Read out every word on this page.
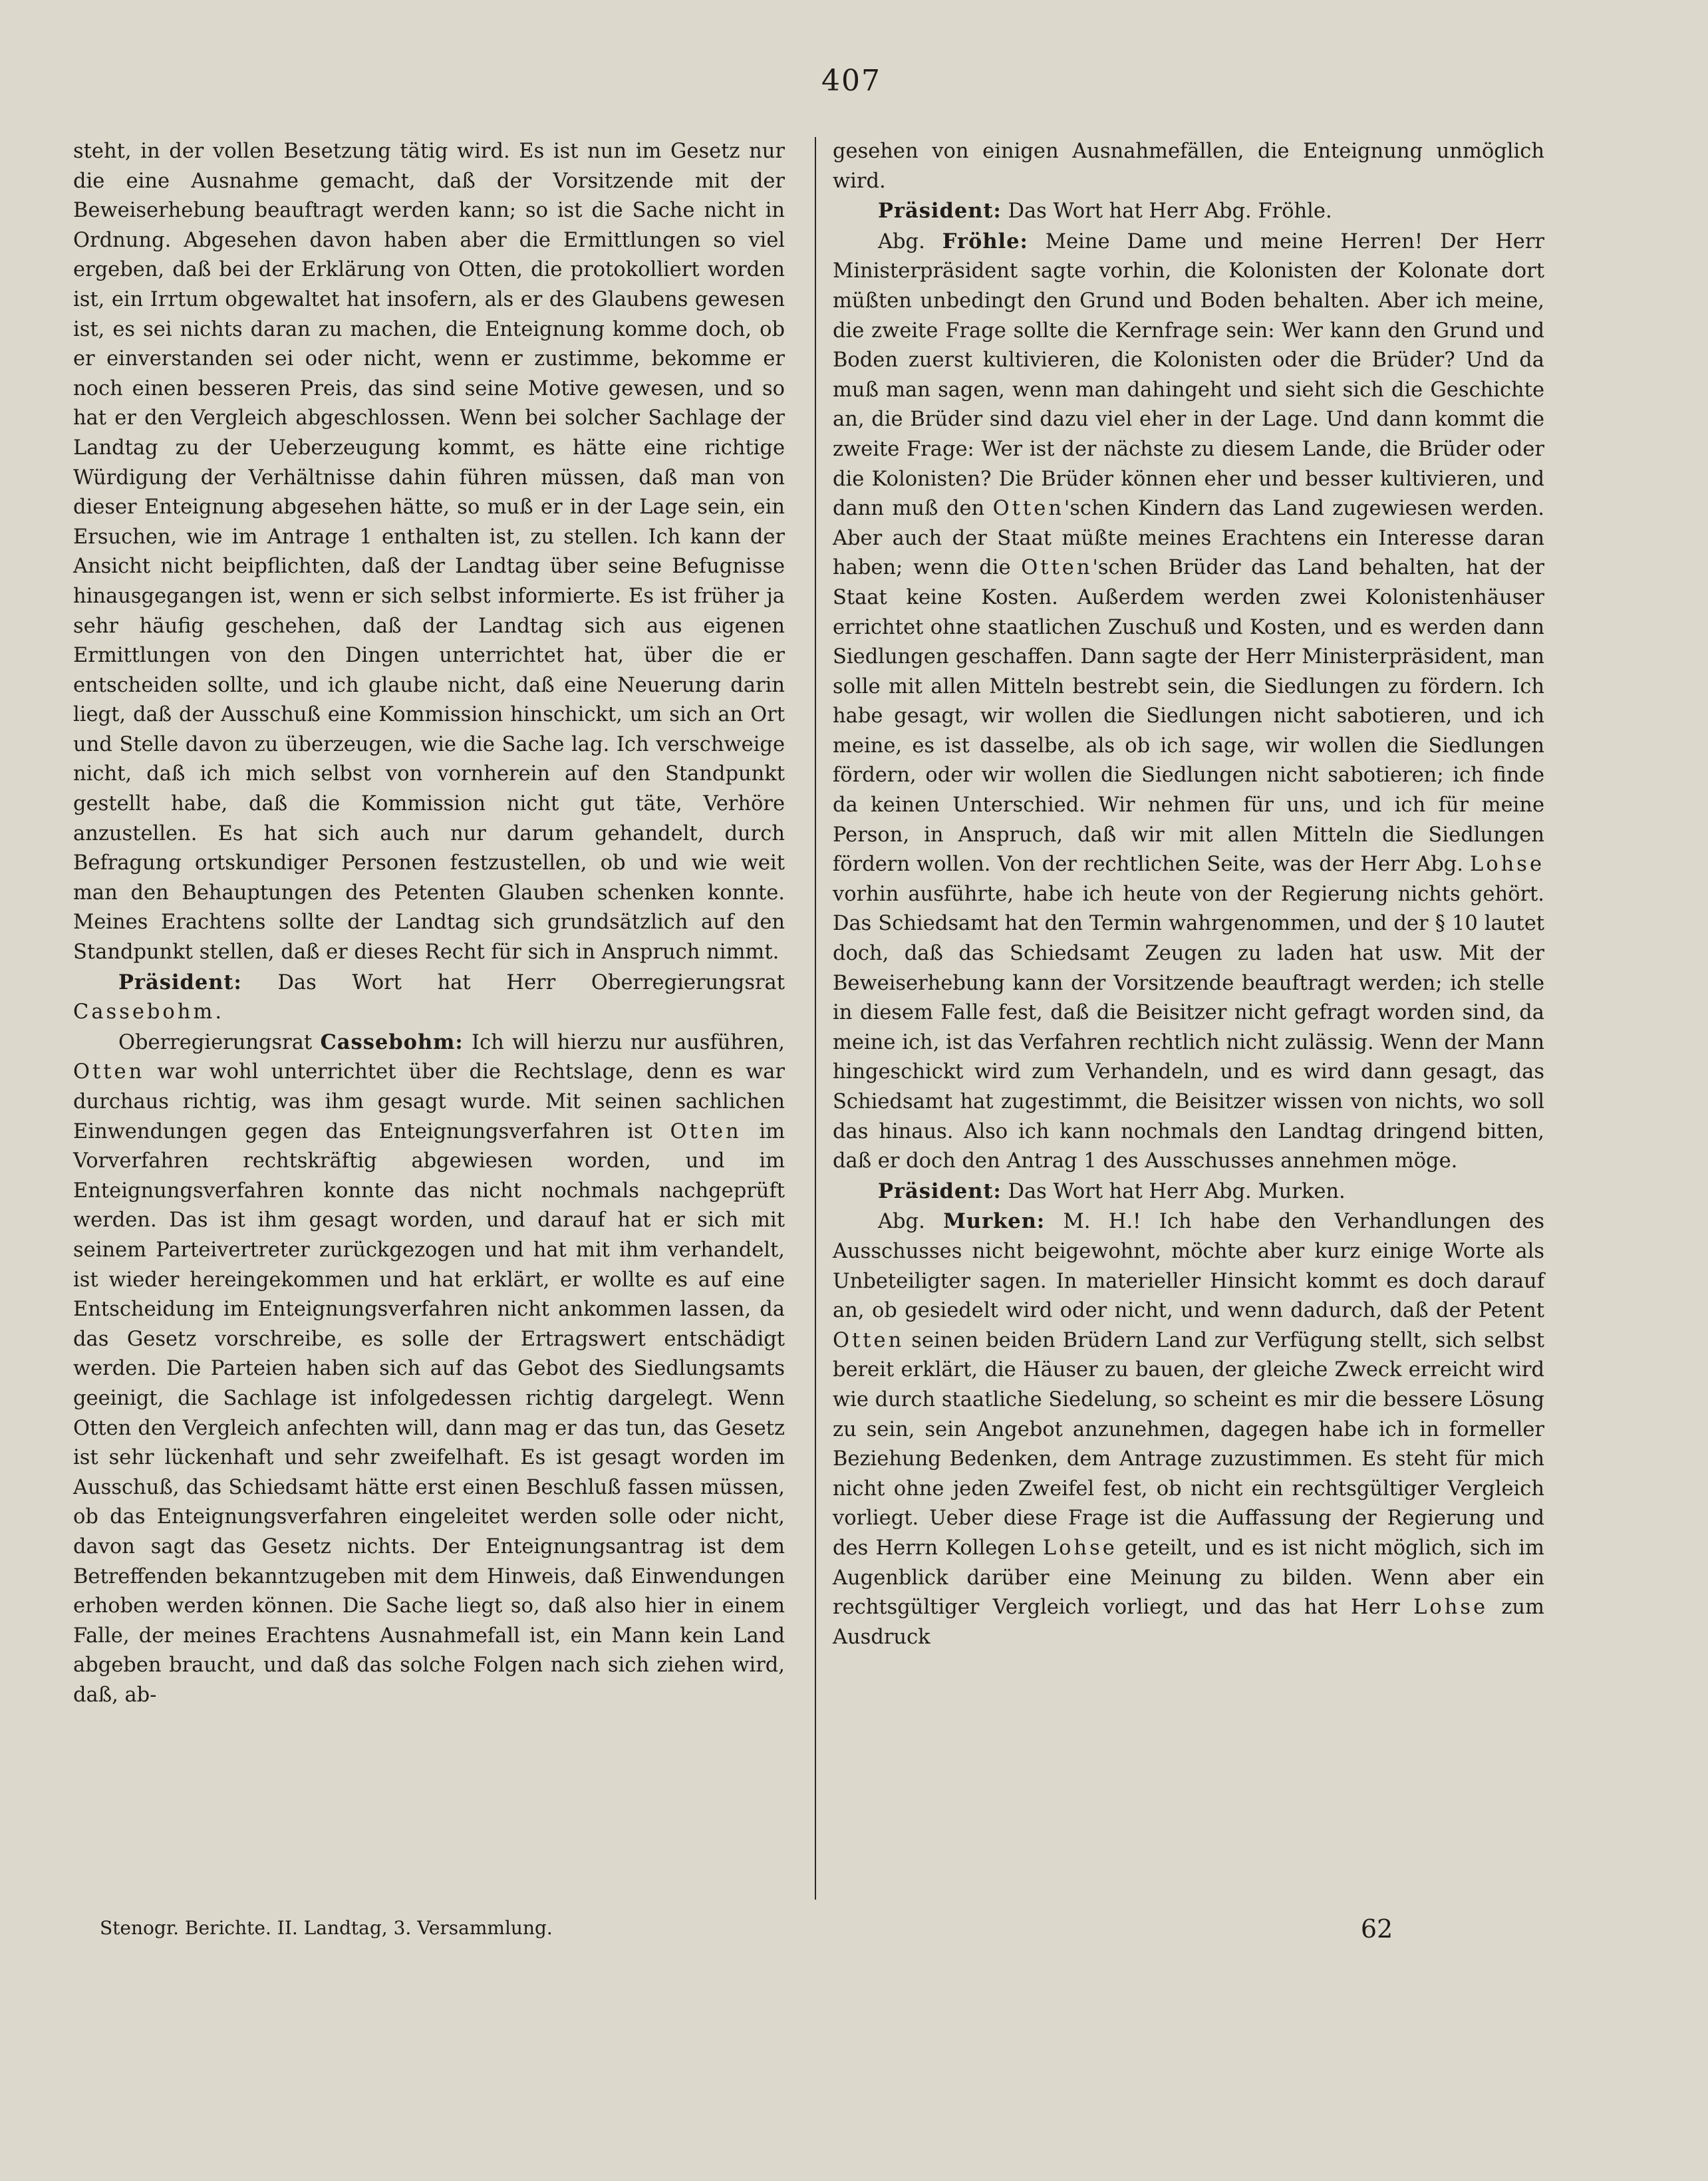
407

steht, in der vollen Besetzung tätig wird. Es ist nun im Gesetz nur die eine Ausnahme gemacht, daß der Vorsitzende mit der Beweiserhebung beauftragt werden kann; so ist die Sache nicht in Ordnung. Abgesehen davon haben aber die Ermittlungen so viel ergeben, daß bei der Erklärung von Otten, die protokolliert worden ist, ein Irrtum obgewaltet hat insofern, als er des Glaubens gewesen ist, es sei nichts daran zu machen, die Enteignung komme doch, ob er einverstanden sei oder nicht, wenn er zustimme, bekomme er noch einen besseren Preis, das sind seine Motive gewesen, und so hat er den Vergleich abgeschlossen. Wenn bei solcher Sachlage der Landtag zu der Ueberzeugung kommt, es hätte eine richtige Würdigung der Verhältnisse dahin führen müssen, daß man von dieser Enteignung abgesehen hätte, so muß er in der Lage sein, ein Ersuchen, wie im Antrage 1 enthalten ist, zu stellen. Ich kann der Ansicht nicht beipflichten, daß der Landtag über seine Befugnisse hinausgegangen ist, wenn er sich selbst informierte. Es ist früher ja sehr häufig geschehen, daß der Landtag sich aus eigenen Ermittlungen von den Dingen unterrichtet hat, über die er entscheiden sollte, und ich glaube nicht, daß eine Neuerung darin liegt, daß der Ausschuß eine Kommission hinschickt, um sich an Ort und Stelle davon zu überzeugen, wie die Sache lag. Ich verschweige nicht, daß ich mich selbst von vornherein auf den Standpunkt gestellt habe, daß die Kommission nicht gut täte, Verhöre anzustellen. Es hat sich auch nur darum gehandelt, durch Befragung ortskundiger Personen festzustellen, ob und wie weit man den Behauptungen des Petenten Glauben schenken konnte. Meines Erachtens sollte der Landtag sich grundsätzlich auf den Standpunkt stellen, daß er dieses Recht für sich in Anspruch nimmt.

Präsident: Das Wort hat Herr Oberregierungsrat Cassebohm.

Oberregierungsrat Cassebohm: Ich will hierzu nur ausführen, Otten war wohl unterrichtet über die Rechtslage, denn es war durchaus richtig, was ihm gesagt wurde. Mit seinen sachlichen Einwendungen gegen das Enteignungsverfahren ist Otten im Vorverfahren rechtskräftig abgewiesen worden, und im Enteignungsverfahren konnte das nicht nochmals nachgeprüft werden. Das ist ihm gesagt worden, und darauf hat er sich mit seinem Parteivertreter zurückgezogen und hat mit ihm verhandelt, ist wieder hereingekommen und hat erklärt, er wollte es auf eine Entscheidung im Enteignungsverfahren nicht ankommen lassen, da das Gesetz vorschreibe, es solle der Ertragswert entschädigt werden. Die Parteien haben sich auf das Gebot des Siedlungsamts geeinigt, die Sachlage ist infolgedessen richtig dargelegt. Wenn Otten den Vergleich anfechten will, dann mag er das tun, das Gesetz ist sehr lückenhaft und sehr zweifelhaft. Es ist gesagt worden im Ausschuß, das Schiedsamt hätte erst einen Beschluß fassen müssen, ob das Enteignungsverfahren eingeleitet werden solle oder nicht, davon sagt das Gesetz nichts. Der Enteignungsantrag ist dem Betreffenden bekanntzugeben mit dem Hinweis, daß Einwendungen erhoben werden können. Die Sache liegt so, daß also hier in einem Falle, der meines Erachtens Ausnahmefall ist, ein Mann kein Land abgeben braucht, und daß das solche Folgen nach sich ziehen wird, daß, ab-

gesehen von einigen Ausnahmefällen, die Enteignung unmöglich wird.

Präsident: Das Wort hat Herr Abg. Fröhle.

Abg. Fröhle: Meine Dame und meine Herren! Der Herr Ministerpräsident sagte vorhin, die Kolonisten der Kolonate dort müßten unbedingt den Grund und Boden behalten. Aber ich meine, die zweite Frage sollte die Kernfrage sein: Wer kann den Grund und Boden zuerst kultivieren, die Kolonisten oder die Brüder? Und da muß man sagen, wenn man dahingeht und sieht sich die Geschichte an, die Brüder sind dazu viel eher in der Lage. Und dann kommt die zweite Frage: Wer ist der nächste zu diesem Lande, die Brüder oder die Kolonisten? Die Brüder können eher und besser kultivieren, und dann muß den Otten'schen Kindern das Land zugewiesen werden. Aber auch der Staat müßte meines Erachtens ein Interesse daran haben; wenn die Otten'schen Brüder das Land behalten, hat der Staat keine Kosten. Außerdem werden zwei Kolonistenhäuser errichtet ohne staatlichen Zuschuß und Kosten, und es werden dann Siedlungen geschaffen. Dann sagte der Herr Ministerpräsident, man solle mit allen Mitteln bestrebt sein, die Siedlungen zu fördern. Ich habe gesagt, wir wollen die Siedlungen nicht sabotieren, und ich meine, es ist dasselbe, als ob ich sage, wir wollen die Siedlungen fördern, oder wir wollen die Siedlungen nicht sabotieren; ich finde da keinen Unterschied. Wir nehmen für uns, und ich für meine Person, in Anspruch, daß wir mit allen Mitteln die Siedlungen fördern wollen. Von der rechtlichen Seite, was der Herr Abg. Lohse vorhin ausführte, habe ich heute von der Regierung nichts gehört. Das Schiedsamt hat den Termin wahrgenommen, und der § 10 lautet doch, daß das Schiedsamt Zeugen zu laden hat usw. Mit der Beweiserhebung kann der Vorsitzende beauftragt werden; ich stelle in diesem Falle fest, daß die Beisitzer nicht gefragt worden sind, da meine ich, ist das Verfahren rechtlich nicht zulässig. Wenn der Mann hingeschickt wird zum Verhandeln, und es wird dann gesagt, das Schiedsamt hat zugestimmt, die Beisitzer wissen von nichts, wo soll das hinaus. Also ich kann nochmals den Landtag dringend bitten, daß er doch den Antrag 1 des Ausschusses annehmen möge.

Präsident: Das Wort hat Herr Abg. Murken.

Abg. Murken: M. H.! Ich habe den Verhandlungen des Ausschusses nicht beigewohnt, möchte aber kurz einige Worte als Unbeteiligter sagen. In materieller Hinsicht kommt es doch darauf an, ob gesiedelt wird oder nicht, und wenn dadurch, daß der Petent Otten seinen beiden Brüdern Land zur Verfügung stellt, sich selbst bereit erklärt, die Häuser zu bauen, der gleiche Zweck erreicht wird wie durch staatliche Siedelung, so scheint es mir die bessere Lösung zu sein, sein Angebot anzunehmen, dagegen habe ich in formeller Beziehung Bedenken, dem Antrage zuzustimmen. Es steht für mich nicht ohne jeden Zweifel fest, ob nicht ein rechtsgültiger Vergleich vorliegt. Ueber diese Frage ist die Auffassung der Regierung und des Herrn Kollegen Lohse geteilt, und es ist nicht möglich, sich im Augenblick darüber eine Meinung zu bilden. Wenn aber ein rechtsgültiger Vergleich vorliegt, und das hat Herr Lohse zum Ausdruck

Stenogr. Berichte. II. Landtag, 3. Versammlung.	62
